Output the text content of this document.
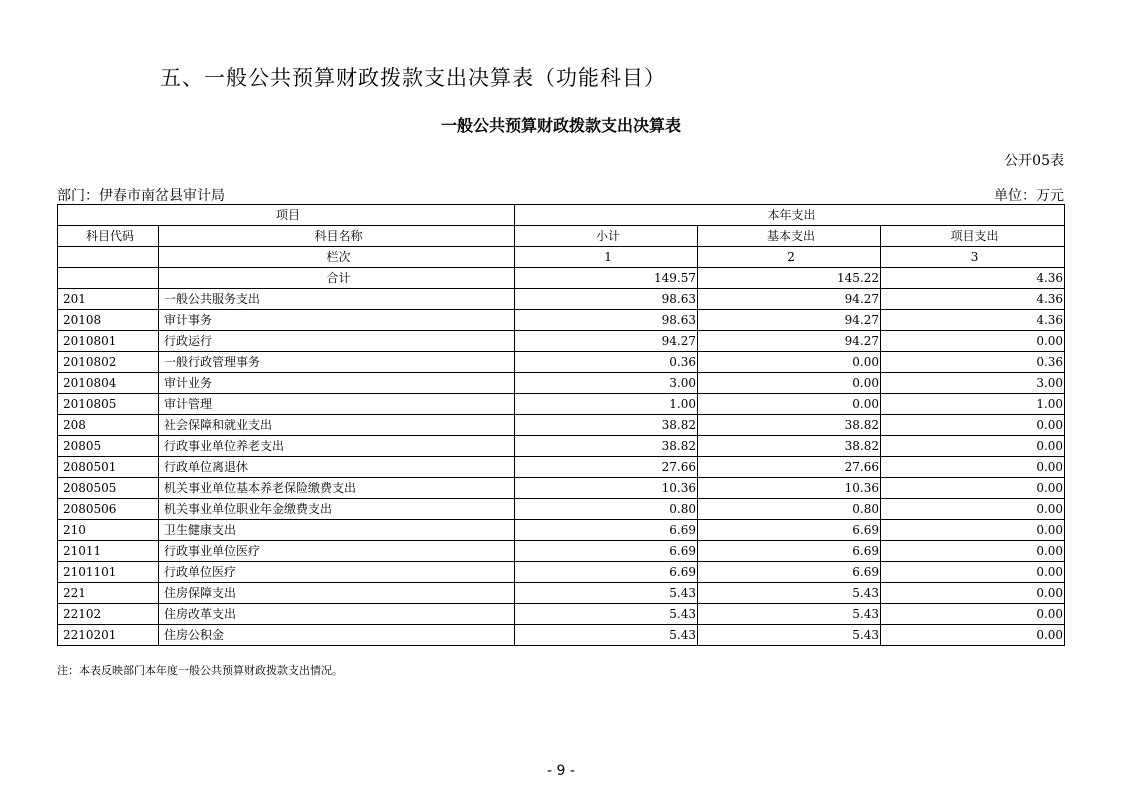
五、一般公共预算财政拨款支出决算表（功能科目）
一般公共预算财政拨款支出决算表
公开05表
部门：伊春市南岔县审计局	单位：万元
项目		本年支出		
科目代码	科目名称	小计	基本支出	项目支出
	栏次	1	2	3
	合计	149.57	145.22	4.36
201	一般公共服务支出	98.63	94.27	4.36
20108	审计事务	98.63	94.27	4.36
2010801	行政运行	94.27	94.27	0.00
2010802	一般行政管理事务	0.36	0.00	0.36
2010804	审计业务	3.00	0.00	3.00
2010805	审计管理	1.00	0.00	1.00
208	社会保障和就业支出	38.82	38.82	0.00
20805	行政事业单位养老支出	38.82	38.82	0.00
2080501	行政单位离退休	27.66	27.66	0.00
2080505	机关事业单位基本养老保险缴费支出	10.36	10.36	0.00
2080506	机关事业单位职业年金缴费支出	0.80	0.80	0.00
210	卫生健康支出	6.69	6.69	0.00
21011	行政事业单位医疗	6.69	6.69	0.00
2101101	行政单位医疗	6.69	6.69	0.00
221	住房保障支出	5.43	5.43	0.00
22102	住房改革支出	5.43	5.43	0.00
2210201	住房公积金	5.43	5.43	0.00
注：本表反映部门本年度一般公共预算财政拨款支出情况。
- 9 -
